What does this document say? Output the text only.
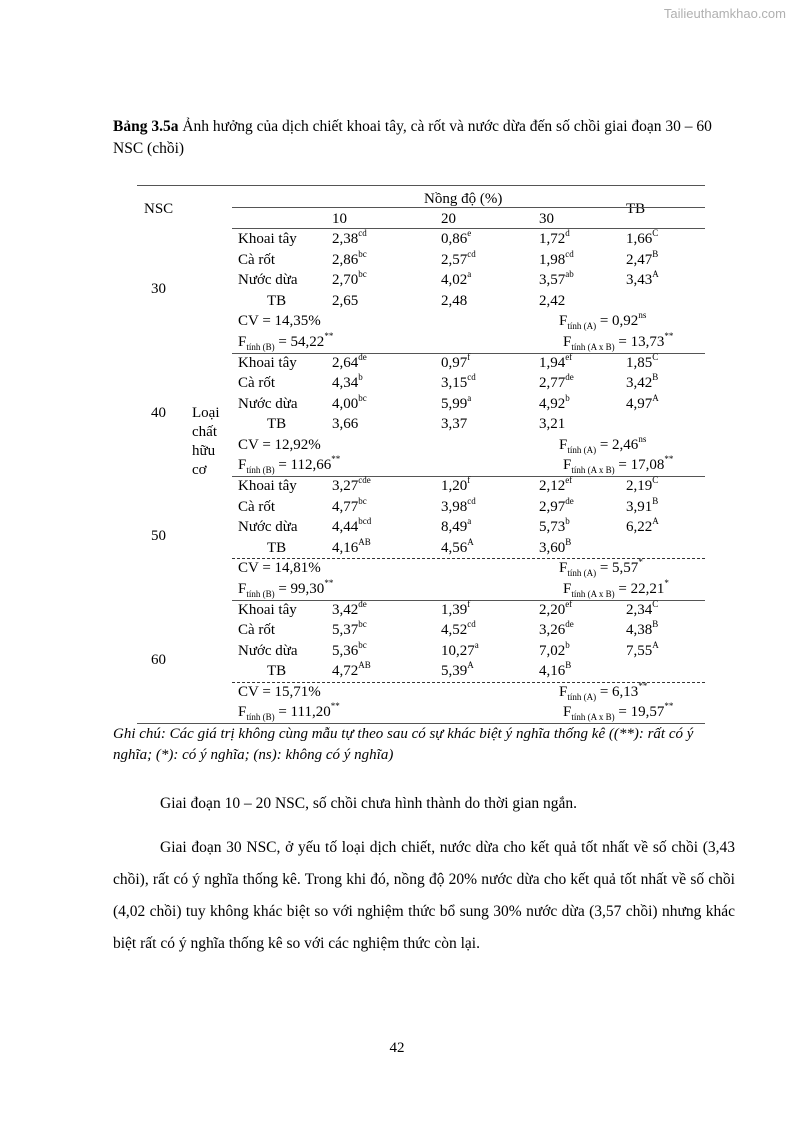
Tailieuthamkhao.com
Bảng 3.5a Ảnh hưởng của dịch chiết khoai tây, cà rốt và nước dừa đến số chồi giai đoạn 30 – 60 NSC (chồi)
NSC
Nồng độ (%)
TB
10	20	30
Loại
chất
hữu
cơ
30
Khoai tây 2,38$^{cd}$	0,86e	1,72$^d$	$1,66^C$
Cà rốt	2,86$^{bc}$	2,57$^{cd}$	1,98$^{cd}$	$2,47^B$
Nước dừa 2,70$^{bc}$	4,02$^a$	3,57$^{ab}$	$3,43^A$
TB	2,65	2,48	2,42
CV = 14,35%	$F_{tính (A)} = 0,92^{ns}$
$F_{tính (B)} = 54,22^{**}$	$F_{tính (A x B)} = 13,73^{**}$
40
Khoai tây 2,64de	0,97$^f$	1,94$^{ef}$	$1,85^C$
Cà rốt	4,34$^b$	3,15$^{cd}$	2,77de	$3,42^B$
Nước dừa 4,00$^{bc}$	5,99$^a$	4,92$^b$	$4,97^A$
TB	3,66	3,37	3,21
CV = 12,92%	$F_{tính (A)} = 2,46^{ns}$
$F_{tính (B)} = 112,66^{**}$	$F_{tính (A x B)} = 17,08^{**}$
50
Khoai tây 3,27$^{cde}$	1,20$^f$	2,12$^{ef}$	$2,19^C$
Cà rốt	4,77$^{bc}$	3,98$^{cd}$	2,97de	$3,91^B$
Nước dừa 4,44$^{bcd}$	8,49$^a$	5,73$^b$	$6,22^A$
TB	$4,16^{AB}$	$4,56^A$	$3,60^B$
CV = 14,81%	$F_{tính (A)} = 5,57^*$
$F_{tính (B)} = 99,30^{**}$	$F_{tính (A x B)} = 22,21^*$
60
Khoai tây 3,42de	1,39$^f$	2,20$^{ef}$	$2,34^C$
Cà rốt	5,37$^{bc}$	4,52$^{cd}$	3,26de	$4,38^B$
Nước dừa 5,36$^{bc}$	10,27$^a$	7,02$^b$	$7,55^A$
TB	$4,72^{AB}$	$5,39^A$	$4,16^B$
CV = 15,71%	$F_{tính (A)} = 6,13^{**}$
$F_{tính (B)} = 111,20^{**}$	$F_{tính (A x B)} = 19,57^{**}$
Ghi chú: Các giá trị không cùng mẫu tự theo sau có sự khác biệt ý nghĩa thống kê ((**): rất có ý nghĩa; (*): có ý nghĩa; (ns): không có ý nghĩa)
Giai đoạn 10 – 20 NSC, số chồi chưa hình thành do thời gian ngắn.
Giai đoạn 30 NSC, ở yếu tố loại dịch chiết, nước dừa cho kết quả tốt nhất về số chồi (3,43 chồi), rất có ý nghĩa thống kê. Trong khi đó, nồng độ 20% nước dừa cho kết quả tốt nhất về số chồi (4,02 chồi) tuy không khác biệt so với nghiệm thức bổ sung 30% nước dừa (3,57 chồi) nhưng khác biệt rất có ý nghĩa thống kê so với các nghiệm thức còn lại.
42
